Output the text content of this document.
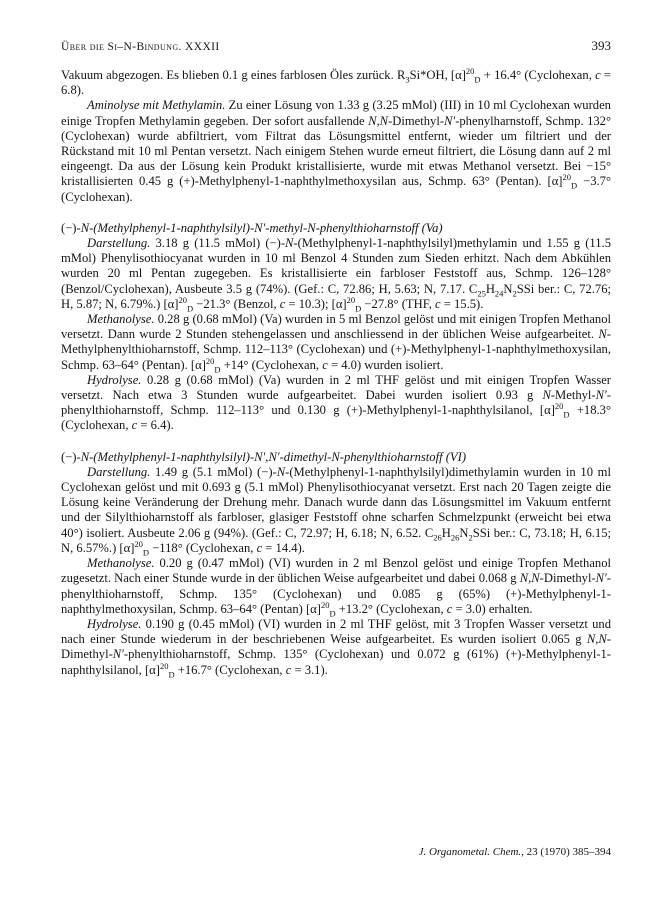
Über die Si–N-Bindung. XXXII	393

Vakuum abgezogen. Es blieben 0.1 g eines farblosen Öles zurück. $R_3Si*OH$, $[\alpha]^{20}_D + 16.4^\circ$ (Cyclohexan, c = 6.8).

Aminolyse mit Methylamin. Zu einer Lösung von 1.33 g (3.25 mMol) (III) in 10 ml Cyclohexan wurden einige Tropfen Methylamin gegeben. Der sofort ausfallende N,N-Dimethyl-N′-phenylharnstoff, Schmp. 132° (Cyclohexan) wurde abfiltriert, vom Filtrat das Lösungsmittel entfernt, wieder um filtriert und der Rückstand mit 10 ml Pentan versetzt. Nach einigem Stehen wurde erneut filtriert, die Lösung dann auf 2 ml eingeengt. Da aus der Lösung kein Produkt kristallisierte, wurde mit etwas Methanol versetzt. Bei −15° kristallisierten 0.45 g (+)-Methylphenyl-1-naphthylmethoxysilan aus, Schmp. 63° (Pentan). $[\alpha]^{20}_D -3.7^\circ$ (Cyclohexan).

(−)-N-(Methylphenyl-1-naphthylsilyl)-N′-methyl-N-phenylthioharnstoff (Va)

Darstellung. 3.18 g (11.5 mMol) (−)-N-(Methylphenyl-1-naphthylsilyl)methylamin und 1.55 g (11.5 mMol) Phenylisothiocyanat wurden in 10 ml Benzol 4 Stunden zum Sieden erhitzt. Nach dem Abkühlen wurden 20 ml Pentan zugegeben. Es kristallisierte ein farbloser Feststoff aus, Schmp. 126–128° (Benzol/Cyclohexan), Ausbeute 3.5 g (74%). (Gef.: C, 72.86; H, 5.63; N, 7.17. $C_{25}H_{24}N_2SSi$ ber.: C, 72.76; H, 5.87; N, 6.79%.) $[\alpha]^{20}_D -21.3^\circ$ (Benzol, c = 10.3); $[\alpha]^{20}_D -27.8^\circ$ (THF, c = 15.5).

Methanolyse. 0.28 g (0.68 mMol) (Va) wurden in 5 ml Benzol gelöst und mit einigen Tropfen Methanol versetzt. Dann wurde 2 Stunden stehengelassen und anschliessend in der üblichen Weise aufgearbeitet. N-Methylphenylthioharnstoff, Schmp. 112–113° (Cyclohexan) und (+)-Methylphenyl-1-naphthylmethoxysilan, Schmp. 63–64° (Pentan). $[\alpha]^{20}_D +14^\circ$ (Cyclohexan, c = 4.0) wurden isoliert.

Hydrolyse. 0.28 g (0.68 mMol) (Va) wurden in 2 ml THF gelöst und mit einigen Tropfen Wasser versetzt. Nach etwa 3 Stunden wurde aufgearbeitet. Dabei wurden isoliert 0.93 g N-Methyl-N′-phenylthioharnstoff, Schmp. 112–113° und 0.130 g (+)-Methylphenyl-1-naphthylsilanol, $[\alpha]^{20}_D +18.3^\circ$ (Cyclohexan, c = 6.4).

(−)-N-(Methylphenyl-1-naphthylsilyl)-N′,N′-dimethyl-N-phenylthioharnstoff (VI)

Darstellung. 1.49 g (5.1 mMol) (−)-N-(Methylphenyl-1-naphthylsilyl)dimethylamin wurden in 10 ml Cyclohexan gelöst und mit 0.693 g (5.1 mMol) Phenylisothiocyanat versetzt. Erst nach 20 Tagen zeigte die Lösung keine Veränderung der Drehung mehr. Danach wurde dann das Lösungsmittel im Vakuum entfernt und der Silylthioharnstoff als farbloser, glasiger Feststoff ohne scharfen Schmelzpunkt (erweicht bei etwa 40°) isoliert. Ausbeute 2.06 g (94%). (Gef.: C, 72.97; H, 6.18; N, 6.52. $C_{26}H_{26}N_2SSi$ ber.: C, 73.18; H, 6.15; N, 6.57%.) $[\alpha]^{20}_D -118^\circ$ (Cyclohexan, c = 14.4).

Methanolyse. 0.20 g (0.47 mMol) (VI) wurden in 2 ml Benzol gelöst und einige Tropfen Methanol zugesetzt. Nach einer Stunde wurde in der üblichen Weise aufgearbeitet und dabei 0.068 g N,N-Dimethyl-N′-phenylthioharnstoff, Schmp. 135° (Cyclohexan) und 0.085 g (65%) (+)-Methylphenyl-1-naphthylmethoxysilan, Schmp. 63–64° (Pentan) $[\alpha]^{20}_D +13.2^\circ$ (Cyclohexan, c = 3.0) erhalten.

Hydrolyse. 0.190 g (0.45 mMol) (VI) wurden in 2 ml THF gelöst, mit 3 Tropfen Wasser versetzt und nach einer Stunde wiederum in der beschriebenen Weise aufgearbeitet. Es wurden isoliert 0.065 g N,N-Dimethyl-N′-phenylthioharnstoff, Schmp. 135° (Cyclohexan) und 0.072 g (61%) (+)-Methylphenyl-1-naphthylsilanol, $[\alpha]^{20}_D +16.7^\circ$ (Cyclohexan, c = 3.1).

J. Organometal. Chem., 23 (1970) 385–394
